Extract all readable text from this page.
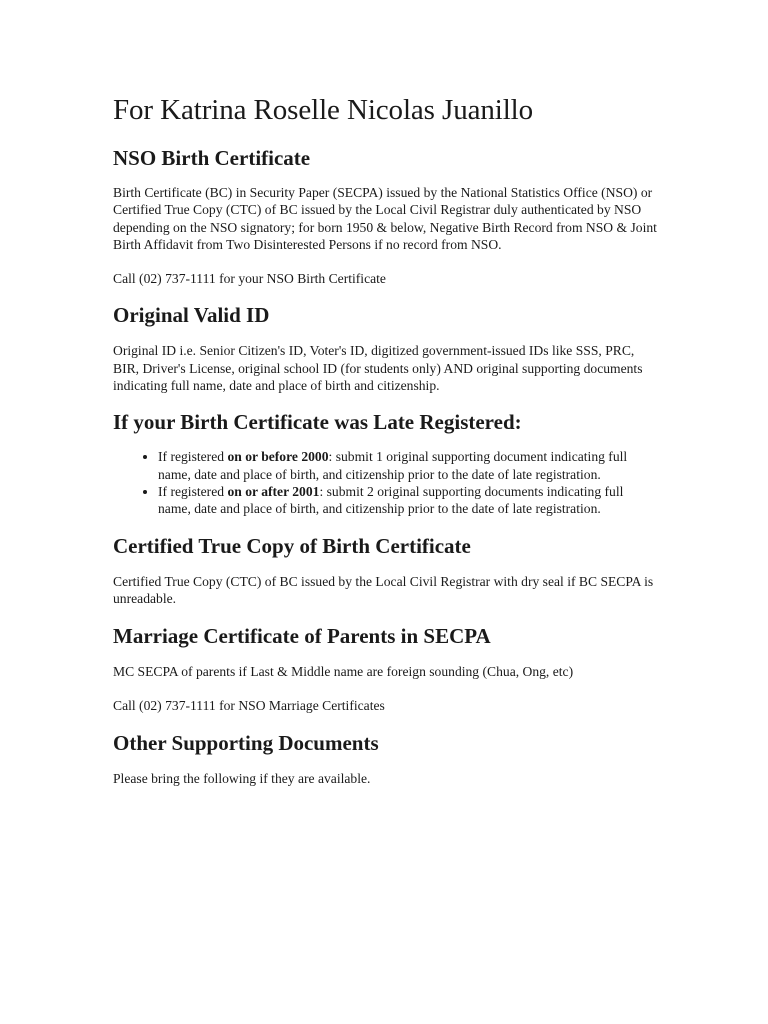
For Katrina Roselle Nicolas Juanillo
NSO Birth Certificate

Birth Certificate (BC) in Security Paper (SECPA) issued by the National Statistics Office (NSO) or Certified True Copy (CTC) of BC issued by the Local Civil Registrar duly authenticated by NSO depending on the NSO signatory; for born 1950 & below, Negative Birth Record from NSO & Joint Birth Affidavit from Two Disinterested Persons if no record from NSO.

Call (02) 737-1111 for your NSO Birth Certificate

Original Valid ID

Original ID i.e. Senior Citizen's ID, Voter's ID, digitized government-issued IDs like SSS, PRC, BIR, Driver's License, original school ID (for students only) AND original supporting documents indicating full name, date and place of birth and citizenship.

If your Birth Certificate was Late Registered:
• If registered on or before 2000: submit 1 original supporting document indicating full name, date and place of birth, and citizenship prior to the date of late registration.
• If registered on or after 2001: submit 2 original supporting documents indicating full name, date and place of birth, and citizenship prior to the date of late registration.
Certified True Copy of Birth Certificate

Certified True Copy (CTC) of BC issued by the Local Civil Registrar with dry seal if BC SECPA is unreadable.

Marriage Certificate of Parents in SECPA

MC SECPA of parents if Last & Middle name are foreign sounding (Chua, Ong, etc)

Call (02) 737-1111 for NSO Marriage Certificates

Other Supporting Documents

Please bring the following if they are available.
